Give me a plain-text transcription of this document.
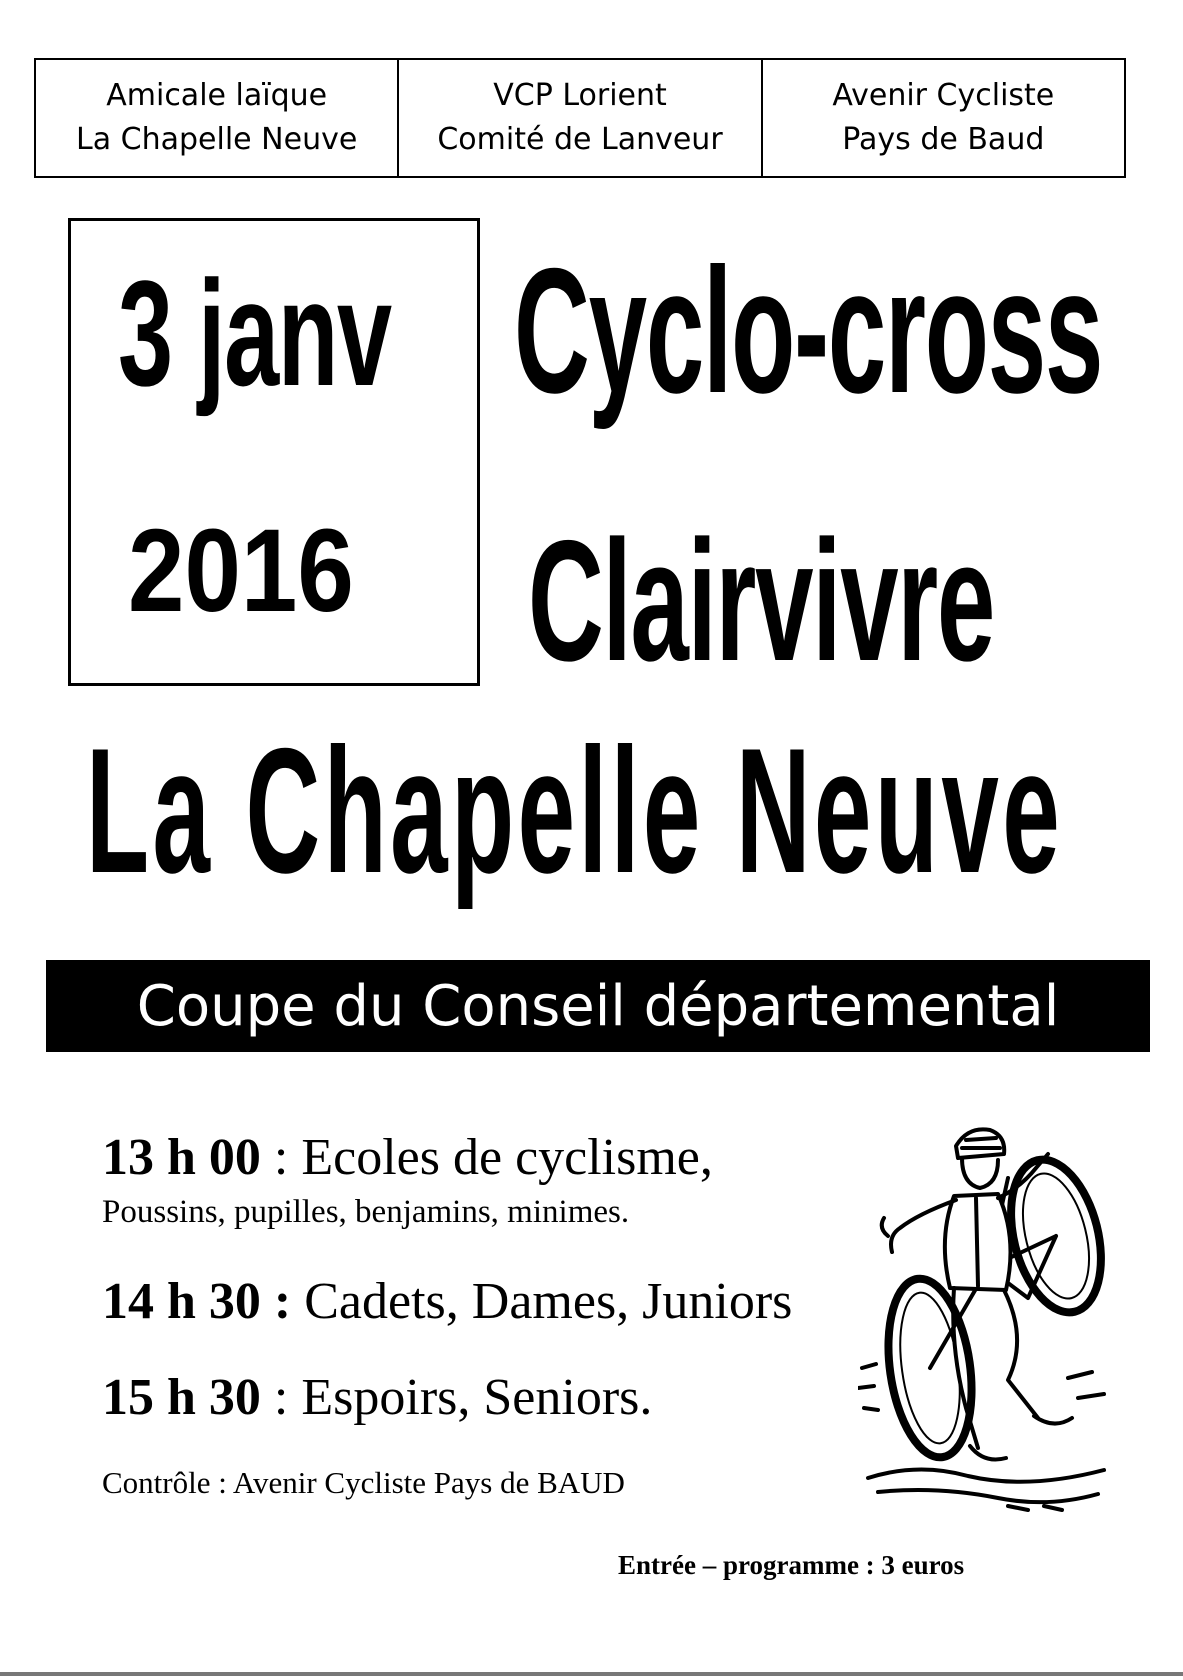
Amicale laïque
La Chapelle Neuve
VCP Lorient
Comité de Lanveur
Avenir Cycliste
Pays de Baud
3 janv
2016
Cyclo-cross
Clairvivre
La Chapelle Neuve
Coupe du Conseil départemental
13 h 00 : Ecoles de cyclisme,
Poussins, pupilles, benjamins, minimes.
14 h 30 : Cadets, Dames, Juniors
15 h 30 : Espoirs, Seniors.
Contrôle : Avenir Cycliste Pays de BAUD
Entrée – programme : 3 euros
